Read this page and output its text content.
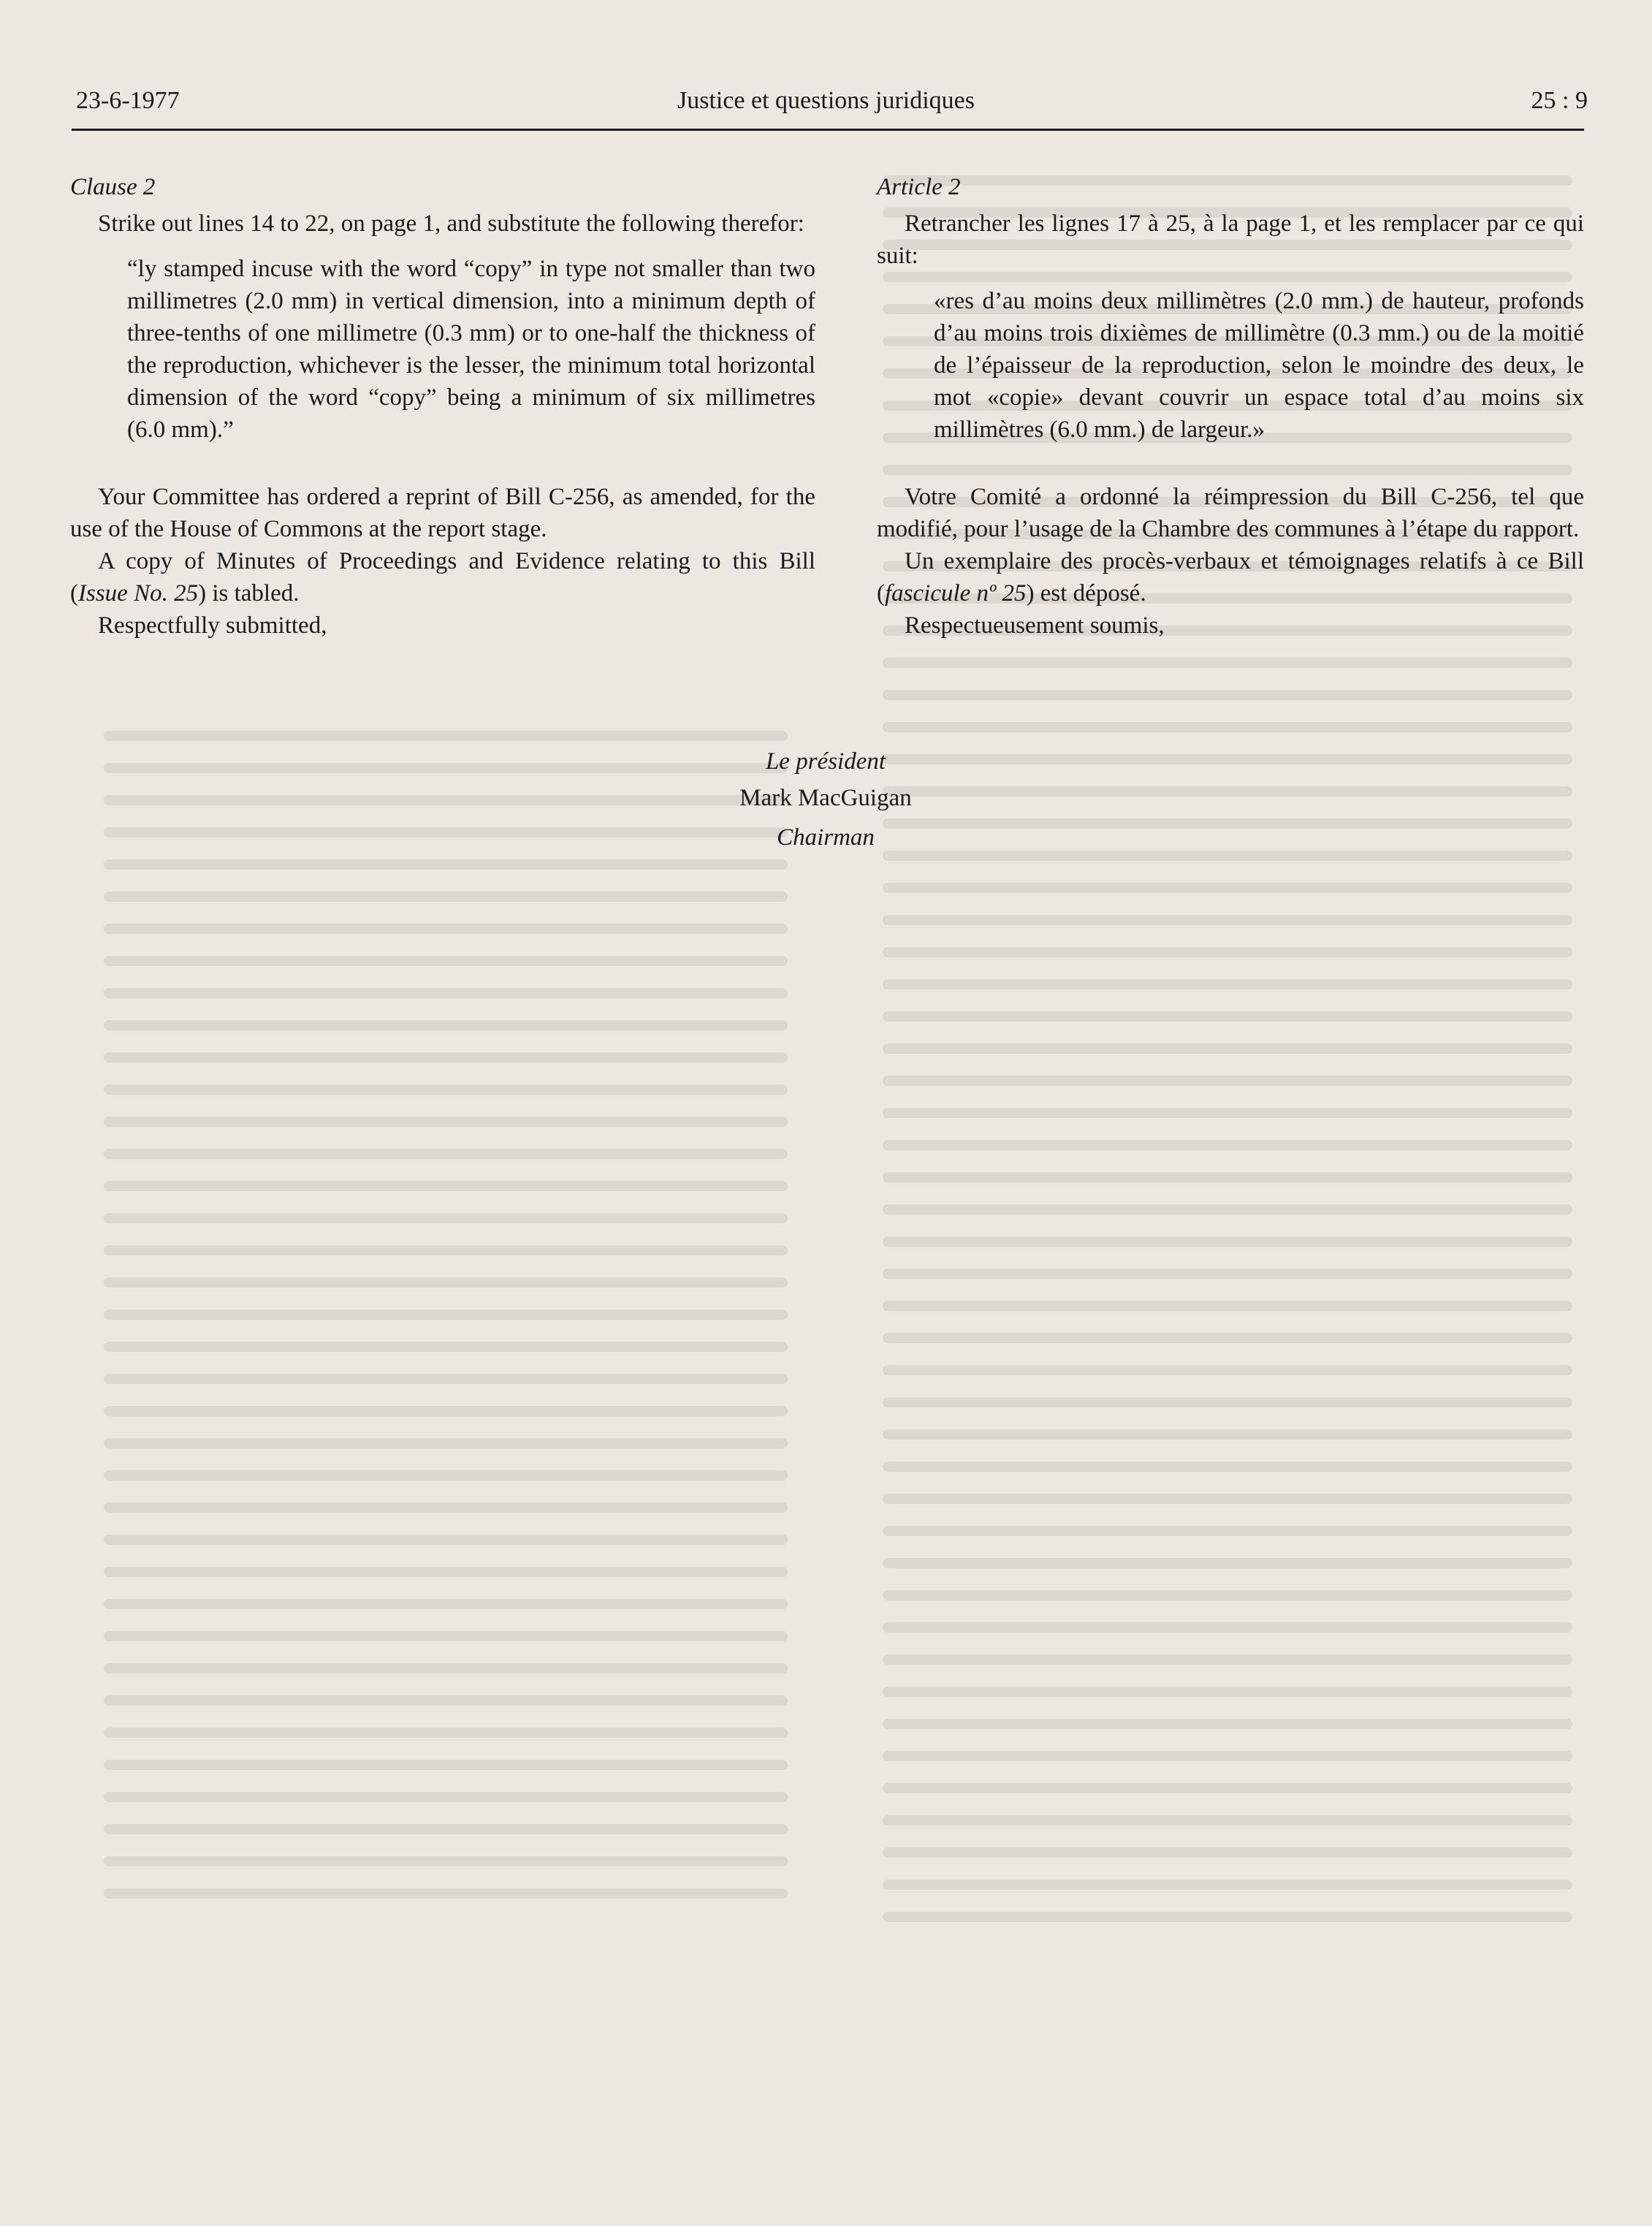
23-6-1977	Justice et questions juridiques	25 : 9

Clause 2

Strike out lines 14 to 22, on page 1, and substitute the following therefor:

“ly stamped incuse with the word “copy” in type not smaller than two millimetres (2.0 mm) in vertical dimension, into a minimum depth of three-tenths of one millimetre (0.3 mm) or to one-half the thickness of the reproduction, whichever is the lesser, the minimum total horizontal dimension of the word “copy” being a minimum of six millimetres (6.0 mm).”

Your Committee has ordered a reprint of Bill C-256, as amended, for the use of the House of Commons at the report stage.

A copy of Minutes of Proceedings and Evidence relating to this Bill (Issue No. 25) is tabled.

Respectfully submitted,

Article 2

Retrancher les lignes 17 à 25, à la page 1, et les remplacer par ce qui suit:

«res d’au moins deux millimètres (2.0 mm.) de hauteur, profonds d’au moins trois dixièmes de millimètre (0.3 mm.) ou de la moitié de l’épaisseur de la reproduction, selon le moindre des deux, le mot «copie» devant couvrir un espace total d’au moins six millimètres (6.0 mm.) de largeur.»

Votre Comité a ordonné la réimpression du Bill C-256, tel que modifié, pour l’usage de la Chambre des communes à l’étape du rapport.

Un exemplaire des procès-verbaux et témoignages relatifs à ce Bill (fascicule nº 25) est déposé.

Respectueusement soumis,

Le président
Mark MacGuigan
Chairman
